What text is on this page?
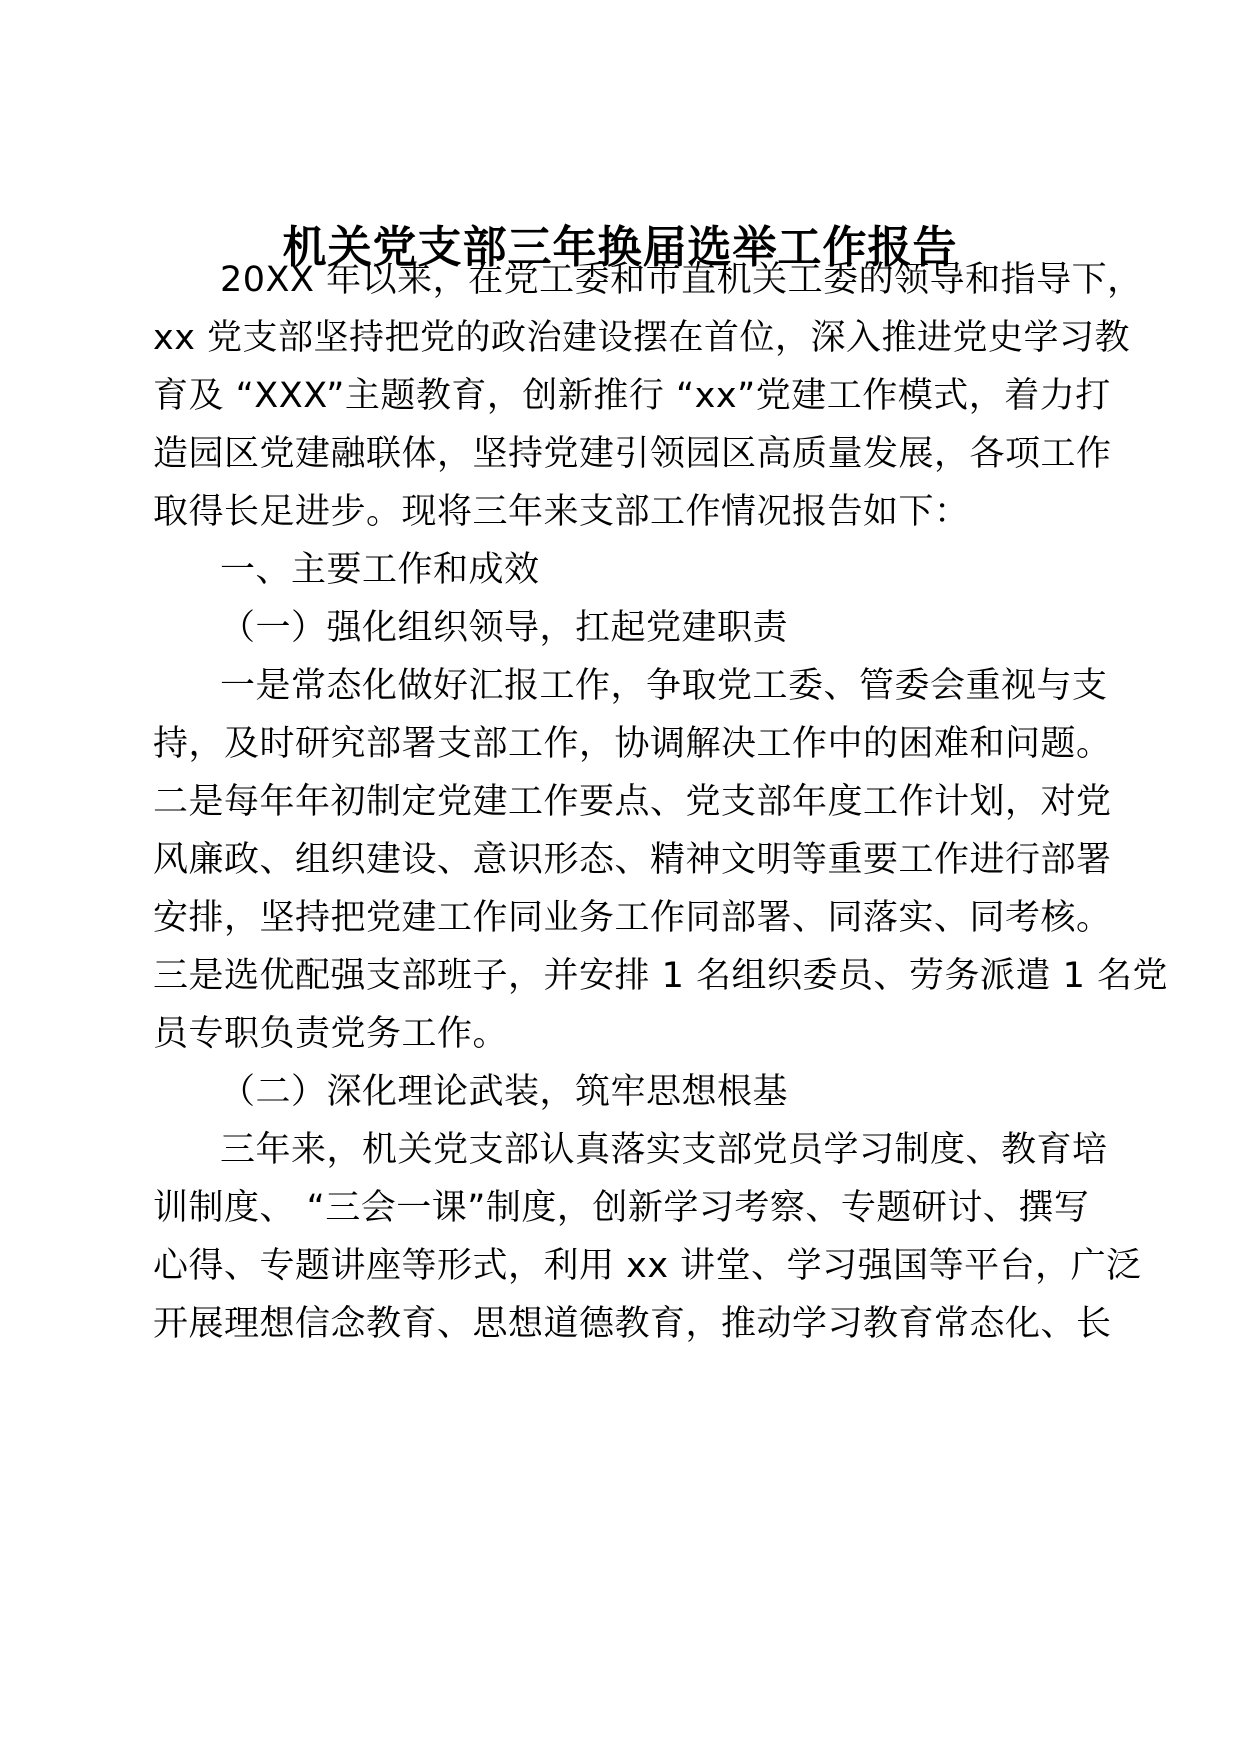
机关党支部三年换届选举工作报告
20XX 年以来，在党工委和市直机关工委的领导和指导下，
xx 党支部坚持把党的政治建设摆在首位，深入推进党史学习教
育及 “XXX”主题教育，创新推行 “xx”党建工作模式，着力打
造园区党建融联体，坚持党建引领园区高质量发展，各项工作
取得长足进步。现将三年来支部工作情况报告如下：
一、主要工作和成效
（一）强化组织领导，扛起党建职责
一是常态化做好汇报工作，争取党工委、管委会重视与支
持，及时研究部署支部工作，协调解决工作中的困难和问题。
二是每年年初制定党建工作要点、党支部年度工作计划，对党
风廉政、组织建设、意识形态、精神文明等重要工作进行部署
安排，坚持把党建工作同业务工作同部署、同落实、同考核。
三是选优配强支部班子，并安排 1 名组织委员、劳务派遣 1 名党
员专职负责党务工作。
（二）深化理论武装，筑牢思想根基
三年来，机关党支部认真落实支部党员学习制度、教育培
训制度、 “三会一课”制度，创新学习考察、专题研讨、撰写
心得、专题讲座等形式，利用 xx 讲堂、学习强国等平台，广泛
开展理想信念教育、思想道德教育，推动学习教育常态化、长
